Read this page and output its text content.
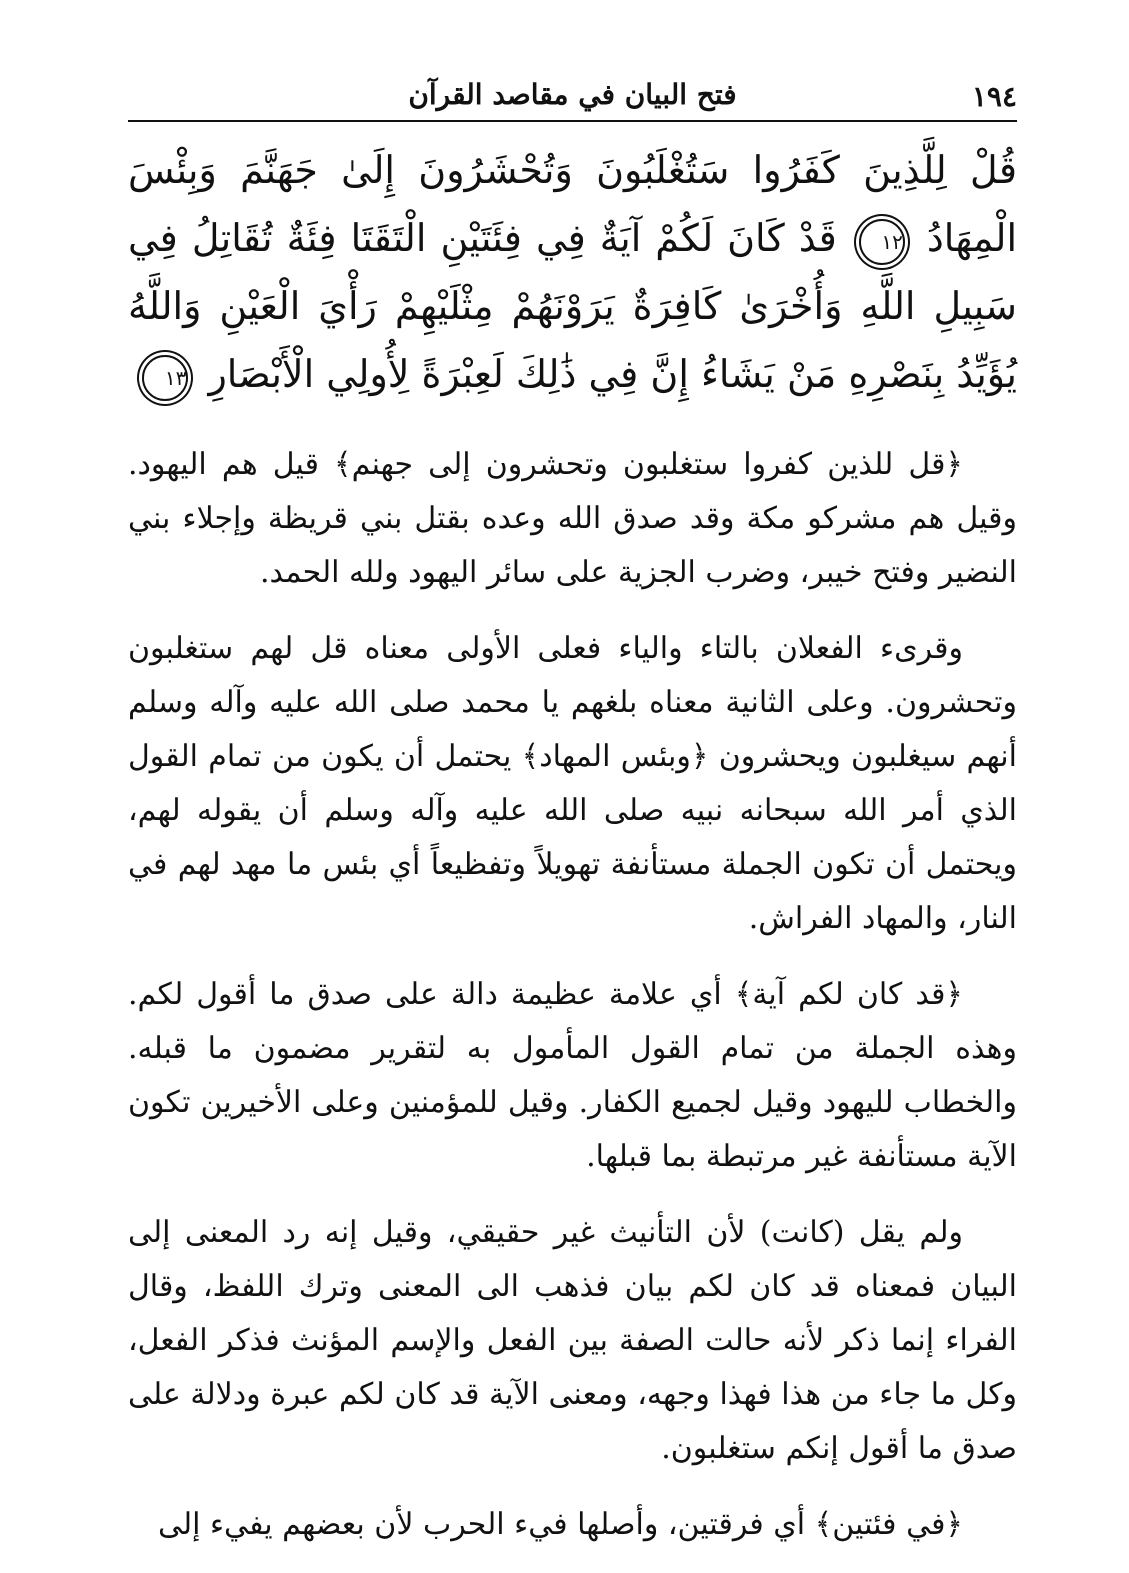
١٩٤
فتح البيان في مقاصد القرآن
قُلْ لِلَّذِينَ كَفَرُوا سَتُغْلَبُونَ وَتُحْشَرُونَ إِلَىٰ جَهَنَّمَ وَبِئْسَ الْمِهَادُ ١٢ قَدْ كَانَ لَكُمْ آيَةٌ فِي فِئَتَيْنِ الْتَقَتَا فِئَةٌ تُقَاتِلُ فِي سَبِيلِ اللَّهِ وَأُخْرَىٰ كَافِرَةٌ يَرَوْنَهُمْ مِثْلَيْهِمْ رَأْيَ الْعَيْنِ وَاللَّهُ يُؤَيِّدُ بِنَصْرِهِ مَنْ يَشَاءُ إِنَّ فِي ذَٰلِكَ لَعِبْرَةً لِأُولِي الْأَبْصَارِ ١٣

﴿قل للذين كفروا ستغلبون وتحشرون إلى جهنم﴾ قيل هم اليهود. وقيل هم مشركو مكة وقد صدق الله وعده بقتل بني قريظة وإجلاء بني النضير وفتح خيبر، وضرب الجزية على سائر اليهود ولله الحمد.

وقرىء الفعلان بالتاء والياء فعلى الأولى معناه قل لهم ستغلبون وتحشرون. وعلى الثانية معناه بلغهم يا محمد صلى الله عليه وآله وسلم أنهم سيغلبون ويحشرون ﴿وبئس المهاد﴾ يحتمل أن يكون من تمام القول الذي أمر الله سبحانه نبيه صلى الله عليه وآله وسلم أن يقوله لهم، ويحتمل أن تكون الجملة مستأنفة تهويلاً وتفظيعاً أي بئس ما مهد لهم في النار، والمهاد الفراش.

﴿قد كان لكم آية﴾ أي علامة عظيمة دالة على صدق ما أقول لكم. وهذه الجملة من تمام القول المأمول به لتقرير مضمون ما قبله. والخطاب لليهود وقيل لجميع الكفار. وقيل للمؤمنين وعلى الأخيرين تكون الآية مستأنفة غير مرتبطة بما قبلها.

ولم يقل (كانت) لأن التأنيث غير حقيقي، وقيل إنه رد المعنى إلى البيان فمعناه قد كان لكم بيان فذهب الى المعنى وترك اللفظ، وقال الفراء إنما ذكر لأنه حالت الصفة بين الفعل والإسم المؤنث فذكر الفعل، وكل ما جاء من هذا فهذا وجهه، ومعنى الآية قد كان لكم عبرة ودلالة على صدق ما أقول إنكم ستغلبون.

﴿في فئتين﴾ أي فرقتين، وأصلها فيء الحرب لأن بعضهم يفيء إلى
